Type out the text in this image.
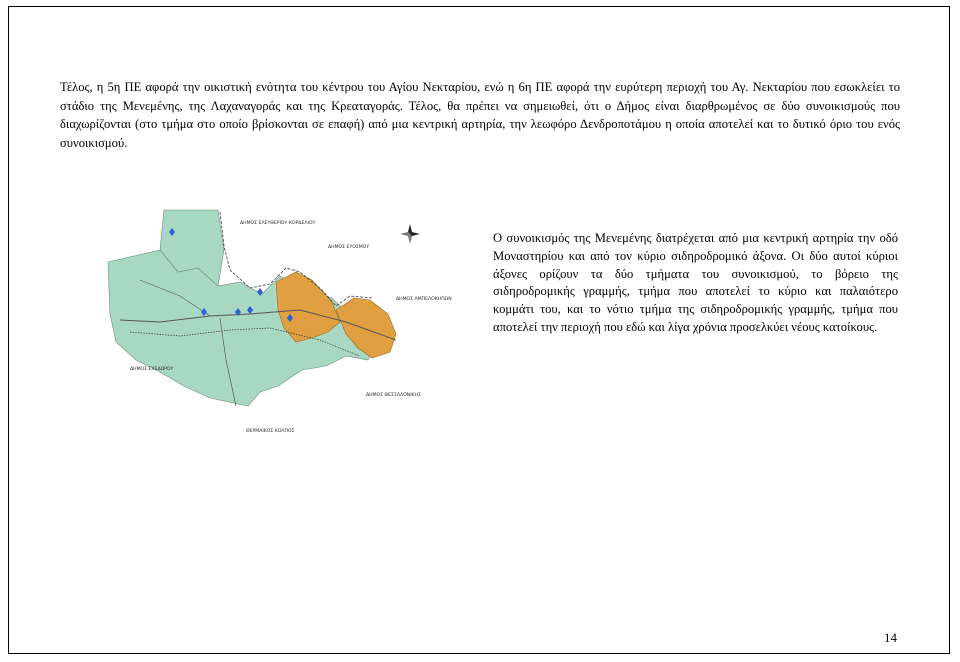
Τέλος, η 5η ΠΕ αφορά την οικιστική ενότητα του κέντρου του Αγίου Νεκταρίου, ενώ η 6η ΠΕ αφορά την ευρύτερη περιοχή του Αγ. Νεκταρίου που εσωκλείει το στάδιο της Μενεμένης, της Λαχαναγοράς και της Κρεαταγοράς. Τέλος, θα πρέπει να σημειωθεί, ότι ο Δήμος είναι διαρθρωμένος σε δύο συνοικισμούς που διαχωρίζονται (στο τμήμα στο οποίο βρίσκονται σε επαφή) από μια κεντρική αρτηρία, την λεωφόρο Δενδροποτάμου η οποία αποτελεί και το δυτικό όριο του ενός συνοικισμού.

ΔΗΜΟΣ ΕΛΕΥΘΕΡΙΟΥ-ΚΟΡΔΕΛΙΟΥ
ΔΗΜΟΣ ΕΥΟΣΜΟΥ
ΔΗΜΟΣ ΑΜΠΕΛΟΚΗΠΩΝ
ΔΗΜΟΣ ΕΧΕΔΩΡΟΥ
ΔΗΜΟΣ ΘΕΣΣΑΛΟΝΙΚΗΣ
ΘΕΡΜΑΙΚΟΣ ΚΟΛΠΟΣ

Ο συνοικισμός της Μενεμένης διατρέχεται από μια κεντρική αρτηρία την οδό Μοναστηρίου και από τον κύριο σιδηροδρομικό άξονα. Οι δύο αυτοί κύριοι άξονες ορίζουν τα δύο τμήματα του συνοικισμού, το βόρειο της σιδηροδρομικής γραμμής, τμήμα που αποτελεί το κύριο και παλαιότερο κομμάτι του, και το νότιο τμήμα της σιδηροδρομικής γραμμής, τμήμα που αποτελεί την περιοχή που εδώ και λίγα χρόνια προσελκύει νέους κατοίκους.

14
